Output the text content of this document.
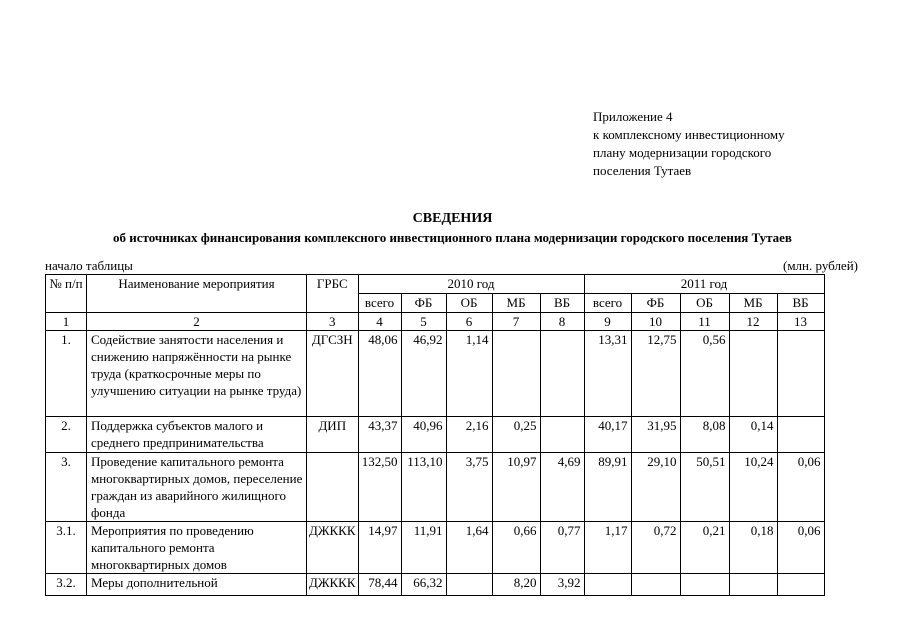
Приложение 4
к комплексному инвестиционному
плану модернизации городского
поселения Тутаев
СВЕДЕНИЯ
об источниках финансирования комплексного инвестиционного плана модернизации городского поселения Тутаев
начало таблицы	(млн. рублей)
№ п/п	Наименование мероприятия	ГРБС	2010 год					2011 год				
			всего	ФБ	ОБ	МБ	ВБ	всего	ФБ	ОБ	МБ	ВБ
1	2	3	4	5	6	7	8	9	10	11	12	13
1.	Содействие занятости населения и снижению напряжённости на рынке труда (краткосрочные меры по улучшению ситуации на рынке труда)	ДГСЗН	48,06	46,92	1,14			13,31	12,75	0,56		
2.	Поддержка субъектов малого и среднего предпринимательства	ДИП	43,37	40,96	2,16	0,25		40,17	31,95	8,08	0,14	
3.	Проведение капитального ремонта многоквартирных домов, переселение граждан из аварийного жилищного фонда		132,50	113,10	3,75	10,97	4,69	89,91	29,10	50,51	10,24	0,06
3.1.	Мероприятия по проведению капитального ремонта многоквартирных домов	ДЖККК	14,97	11,91	1,64	0,66	0,77	1,17	0,72	0,21	0,18	0,06
3.2.	Меры дополнительной	ДЖККК	78,44	66,32		8,20	3,92					
